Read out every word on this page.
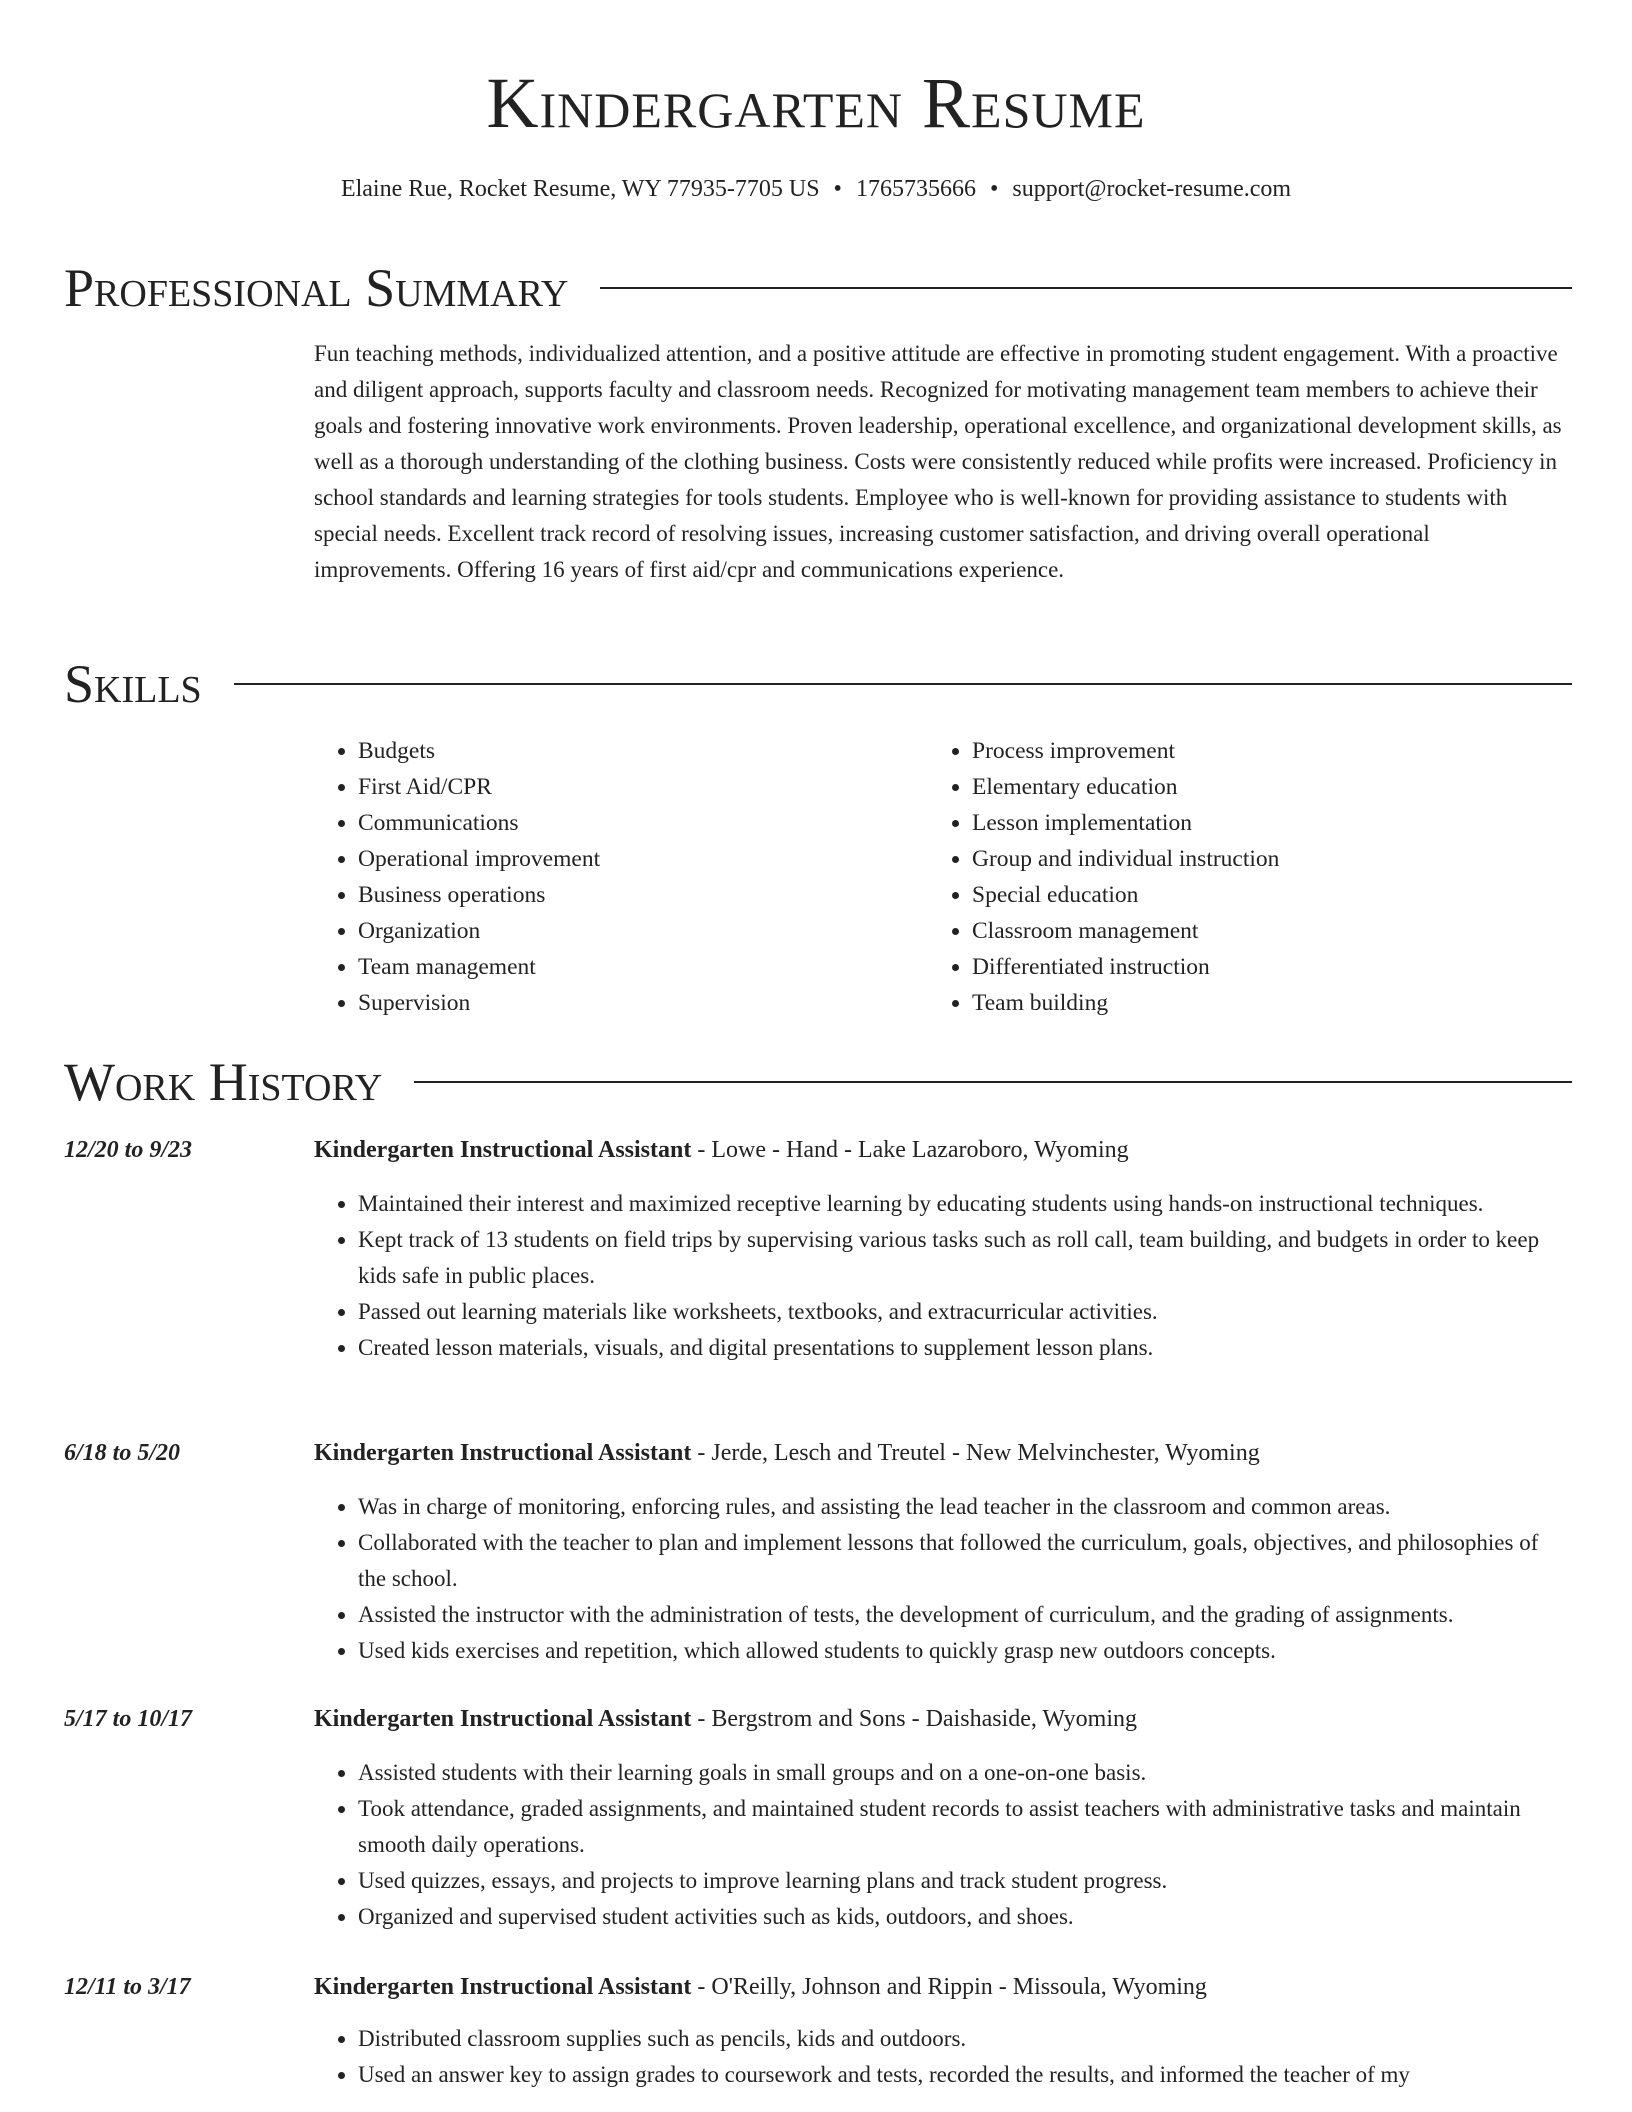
Kindergarten Resume
Elaine Rue, Rocket Resume, WY 77935-7705 US • 1765735666 • support@rocket-resume.com
Professional Summary

Fun teaching methods, individualized attention, and a positive attitude are effective in promoting student engagement. With a proactive and diligent approach, supports faculty and classroom needs. Recognized for motivating management team members to achieve their goals and fostering innovative work environments. Proven leadership, operational excellence, and organizational development skills, as well as a thorough understanding of the clothing business. Costs were consistently reduced while profits were increased. Proficiency in school standards and learning strategies for tools students. Employee who is well-known for providing assistance to students with special needs. Excellent track record of resolving issues, increasing customer satisfaction, and driving overall operational improvements. Offering 16 years of first aid/cpr and communications experience.

Skills
• Budgets
• First Aid/CPR
• Communications
• Operational improvement
• Business operations
• Organization
• Team management
• Supervision
• Process improvement
• Elementary education
• Lesson implementation
• Group and individual instruction
• Special education
• Classroom management
• Differentiated instruction
• Team building
Work History
12/20 to 9/23	Kindergarten Instructional Assistant - Lowe - Hand - Lake Lazaroboro, Wyoming
• Maintained their interest and maximized receptive learning by educating students using hands-on instructional techniques.
• Kept track of 13 students on field trips by supervising various tasks such as roll call, team building, and budgets in order to keep kids safe in public places.
• Passed out learning materials like worksheets, textbooks, and extracurricular activities.
• Created lesson materials, visuals, and digital presentations to supplement lesson plans.
6/18 to 5/20	Kindergarten Instructional Assistant - Jerde, Lesch and Treutel - New Melvinchester, Wyoming
• Was in charge of monitoring, enforcing rules, and assisting the lead teacher in the classroom and common areas.
• Collaborated with the teacher to plan and implement lessons that followed the curriculum, goals, objectives, and philosophies of the school.
• Assisted the instructor with the administration of tests, the development of curriculum, and the grading of assignments.
• Used kids exercises and repetition, which allowed students to quickly grasp new outdoors concepts.
5/17 to 10/17	Kindergarten Instructional Assistant - Bergstrom and Sons - Daishaside, Wyoming
• Assisted students with their learning goals in small groups and on a one-on-one basis.
• Took attendance, graded assignments, and maintained student records to assist teachers with administrative tasks and maintain smooth daily operations.
• Used quizzes, essays, and projects to improve learning plans and track student progress.
• Organized and supervised student activities such as kids, outdoors, and shoes.
12/11 to 3/17	Kindergarten Instructional Assistant - O'Reilly, Johnson and Rippin - Missoula, Wyoming
• Distributed classroom supplies such as pencils, kids and outdoors.
• Used an answer key to assign grades to coursework and tests, recorded the results, and informed the teacher of my
